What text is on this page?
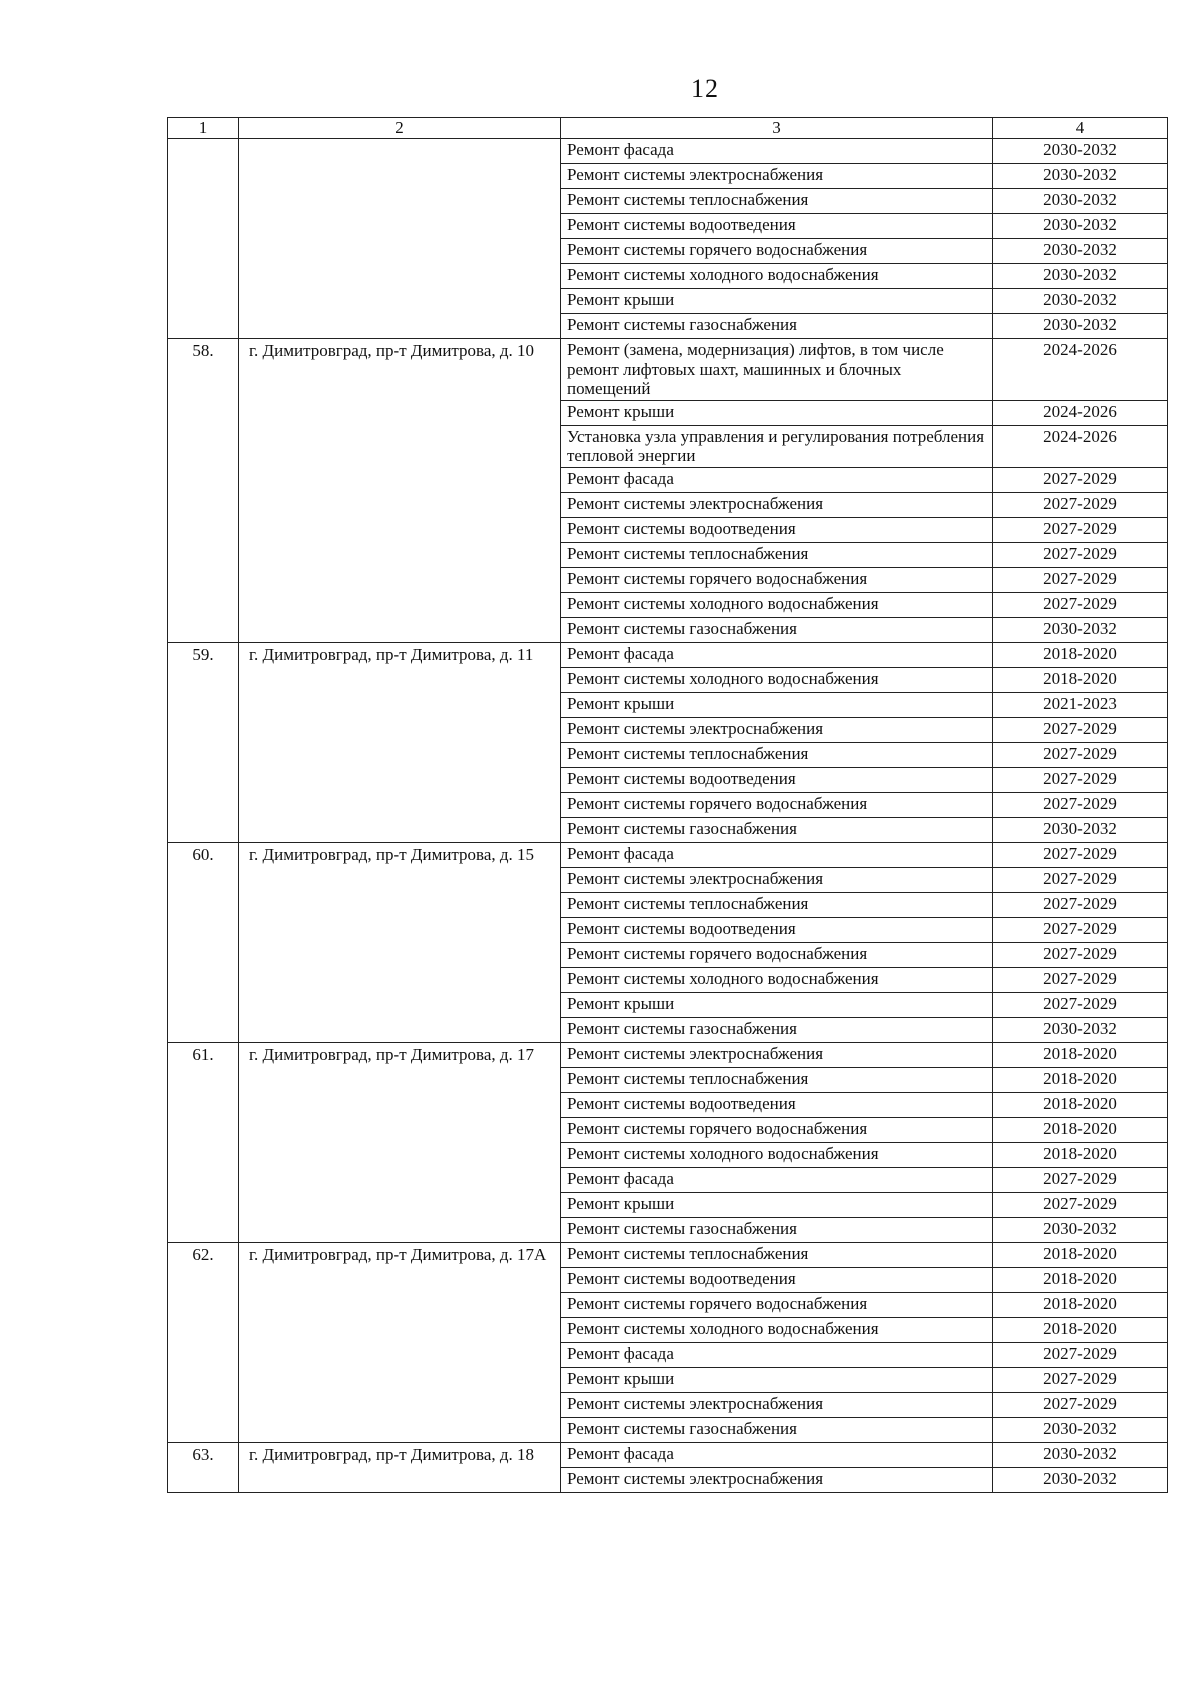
12
1	2	3	4
		Ремонт фасада	2030-2032
		Ремонт системы электроснабжения	2030-2032
		Ремонт системы теплоснабжения	2030-2032
		Ремонт системы водоотведения	2030-2032
		Ремонт системы горячего водоснабжения	2030-2032
		Ремонт системы холодного водоснабжения	2030-2032
		Ремонт крыши	2030-2032
		Ремонт системы газоснабжения	2030-2032
58.	г. Димитровград, пр-т Димитрова, д. 10	Ремонт (замена, модернизация) лифтов, в том числе ремонт лифтовых шахт, машинных и блочных помещений	2024-2026
		Ремонт крыши	2024-2026
		Установка узла управления и регулирования потребления тепловой энергии	2024-2026
		Ремонт фасада	2027-2029
		Ремонт системы электроснабжения	2027-2029
		Ремонт системы водоотведения	2027-2029
		Ремонт системы теплоснабжения	2027-2029
		Ремонт системы горячего водоснабжения	2027-2029
		Ремонт системы холодного водоснабжения	2027-2029
		Ремонт системы газоснабжения	2030-2032
59.	г. Димитровград, пр-т Димитрова, д. 11	Ремонт фасада	2018-2020
		Ремонт системы холодного водоснабжения	2018-2020
		Ремонт крыши	2021-2023
		Ремонт системы электроснабжения	2027-2029
		Ремонт системы теплоснабжения	2027-2029
		Ремонт системы водоотведения	2027-2029
		Ремонт системы горячего водоснабжения	2027-2029
		Ремонт системы газоснабжения	2030-2032
60.	г. Димитровград, пр-т Димитрова, д. 15	Ремонт фасада	2027-2029
		Ремонт системы электроснабжения	2027-2029
		Ремонт системы теплоснабжения	2027-2029
		Ремонт системы водоотведения	2027-2029
		Ремонт системы горячего водоснабжения	2027-2029
		Ремонт системы холодного водоснабжения	2027-2029
		Ремонт крыши	2027-2029
		Ремонт системы газоснабжения	2030-2032
61.	г. Димитровград, пр-т Димитрова, д. 17	Ремонт системы электроснабжения	2018-2020
		Ремонт системы теплоснабжения	2018-2020
		Ремонт системы водоотведения	2018-2020
		Ремонт системы горячего водоснабжения	2018-2020
		Ремонт системы холодного водоснабжения	2018-2020
		Ремонт фасада	2027-2029
		Ремонт крыши	2027-2029
		Ремонт системы газоснабжения	2030-2032
62.	г. Димитровград, пр-т Димитрова, д. 17А	Ремонт системы теплоснабжения	2018-2020
		Ремонт системы водоотведения	2018-2020
		Ремонт системы горячего водоснабжения	2018-2020
		Ремонт системы холодного водоснабжения	2018-2020
		Ремонт фасада	2027-2029
		Ремонт крыши	2027-2029
		Ремонт системы электроснабжения	2027-2029
		Ремонт системы газоснабжения	2030-2032
63.	г. Димитровград, пр-т Димитрова, д. 18	Ремонт фасада	2030-2032
		Ремонт системы электроснабжения	2030-2032
